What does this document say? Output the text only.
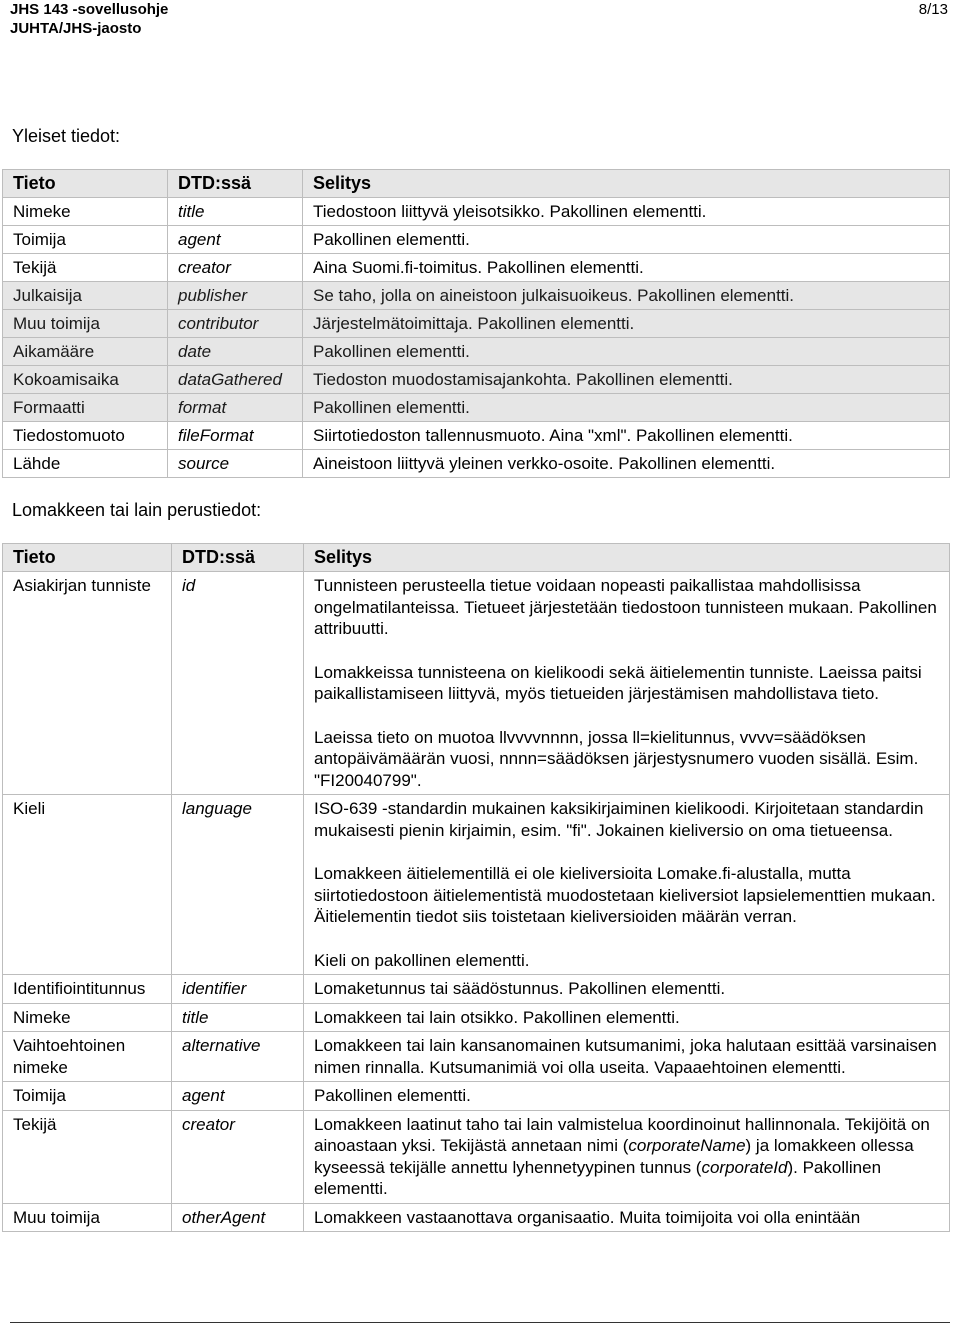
JHS 143 -sovellusohje
JUHTA/JHS-jaosto
8/13
Yleiset tiedot:
Tieto	DTD:ssä	Selitys
Nimeke	title	Tiedostoon liittyvä yleisotsikko. Pakollinen elementti.
Toimija	agent	Pakollinen elementti.
Tekijä	creator	Aina Suomi.fi-toimitus. Pakollinen elementti.
Julkaisija	publisher	Se taho, jolla on aineistoon julkaisuoikeus. Pakollinen elementti.
Muu toimija	contributor	Järjestelmätoimittaja. Pakollinen elementti.
Aikamääre	date	Pakollinen elementti.
Kokoamisaika	dataGathered	Tiedoston muodostamisajankohta. Pakollinen elementti.
Formaatti	format	Pakollinen elementti.
Tiedostomuoto	fileFormat	Siirtotiedoston tallennusmuoto. Aina "xml". Pakollinen elementti.
Lähde	source	Aineistoon liittyvä yleinen verkko-osoite. Pakollinen elementti.
Lomakkeen tai lain perustiedot:
Tieto	DTD:ssä	Selitys
Asiakirjan tunniste	id	Tunnisteen perusteella tietue voidaan nopeasti paikallistaa mahdollisissa ongelmatilanteissa. Tietueet järjestetään tiedostoon tunnisteen mukaan. Pakollinen attribuutti.

Lomakkeissa tunnisteena on kielikoodi sekä äitielementin tunniste. Laeissa paitsi paikallistamiseen liittyvä, myös tietueiden järjestämisen mahdollistava tieto.

Laeissa tieto on muotoa llvvvvnnnn, jossa ll=kielitunnus, vvvv=säädöksen antopäivämäärän vuosi, nnnn=säädöksen järjestysnumero vuoden sisällä. Esim. "FI20040799".

Kieli	language	ISO-639 -standardin mukainen kaksikirjaiminen kielikoodi. Kirjoitetaan standardin mukaisesti pienin kirjaimin, esim. "fi". Jokainen kieliversio on oma tietueensa.

Lomakkeen äitielementillä ei ole kieliversioita Lomake.fi-alustalla, mutta siirtotiedostoon äitielementistä muodostetaan kieliversiot lapsielementtien mukaan. Äitielementin tiedot siis toistetaan kieliversioiden määrän verran.

Kieli on pakollinen elementti.

Identifiointitunnus	identifier	Lomaketunnus tai säädöstunnus. Pakollinen elementti.
Nimeke	title	Lomakkeen tai lain otsikko. Pakollinen elementti.
Vaihtoehtoinen nimeke	alternative	Lomakkeen tai lain kansanomainen kutsumanimi, joka halutaan esittää varsinaisen nimen rinnalla. Kutsumanimiä voi olla useita. Vapaaehtoinen elementti.
Toimija	agent	Pakollinen elementti.
Tekijä	creator	Lomakkeen laatinut taho tai lain valmistelua koordinoinut hallinnonala. Tekijöitä on ainoastaan yksi. Tekijästä annetaan nimi (corporateName) ja lomakkeen ollessa kyseessä tekijälle annettu lyhennetyypinen tunnus (corporateId). Pakollinen elementti.
Muu toimija	otherAgent	Lomakkeen vastaanottava organisaatio. Muita toimijoita voi olla enintään
